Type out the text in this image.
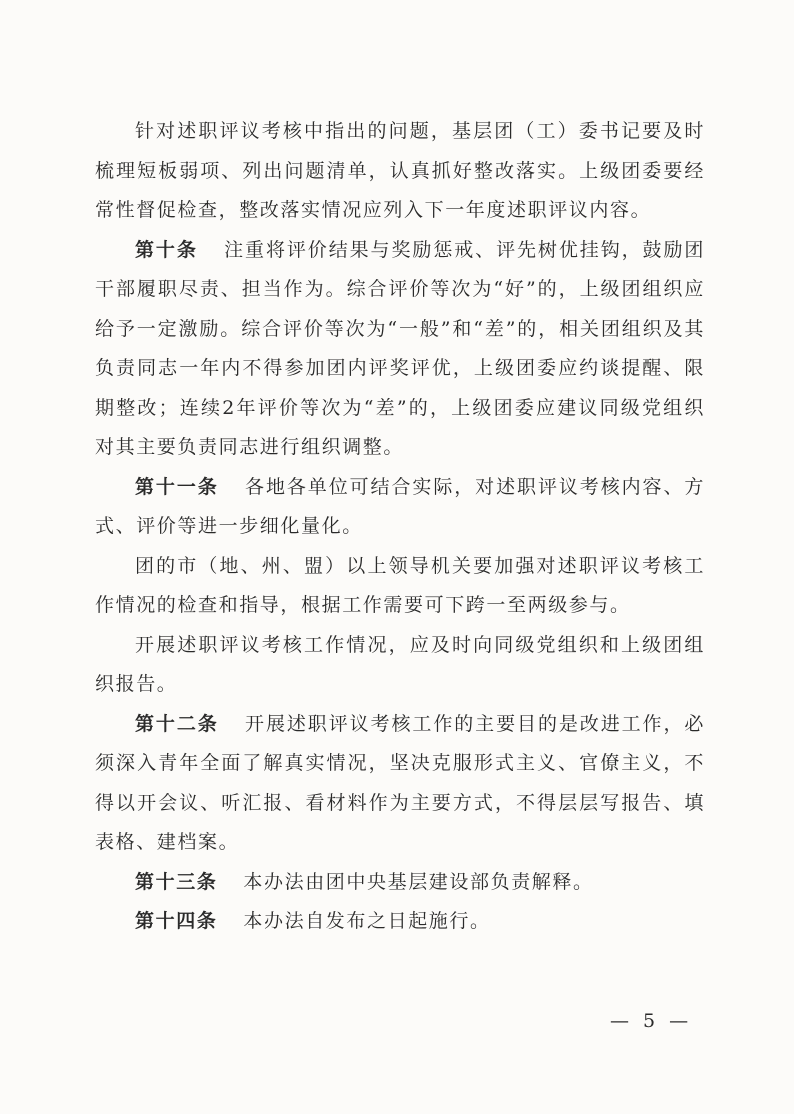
针对述职评议考核中指出的问题，基层团（工）委书记要及时梳理短板弱项、列出问题清单，认真抓好整改落实。上级团委要经常性督促检查，整改落实情况应列入下一年度述职评议内容。

第十条 注重将评价结果与奖励惩戒、评先树优挂钩，鼓励团干部履职尽责、担当作为。综合评价等次为“好”的，上级团组织应给予一定激励。综合评价等次为“一般”和“差”的，相关团组织及其负责同志一年内不得参加团内评奖评优，上级团委应约谈提醒、限期整改；连续2年评价等次为“差”的，上级团委应建议同级党组织对其主要负责同志进行组织调整。

第十一条 各地各单位可结合实际，对述职评议考核内容、方式、评价等进一步细化量化。

团的市（地、州、盟）以上领导机关要加强对述职评议考核工作情况的检查和指导，根据工作需要可下跨一至两级参与。

开展述职评议考核工作情况，应及时向同级党组织和上级团组织报告。

第十二条 开展述职评议考核工作的主要目的是改进工作，必须深入青年全面了解真实情况，坚决克服形式主义、官僚主义，不得以开会议、听汇报、看材料作为主要方式，不得层层写报告、填表格、建档案。

第十三条 本办法由团中央基层建设部负责解释。

第十四条 本办法自发布之日起施行。

— 5 —
